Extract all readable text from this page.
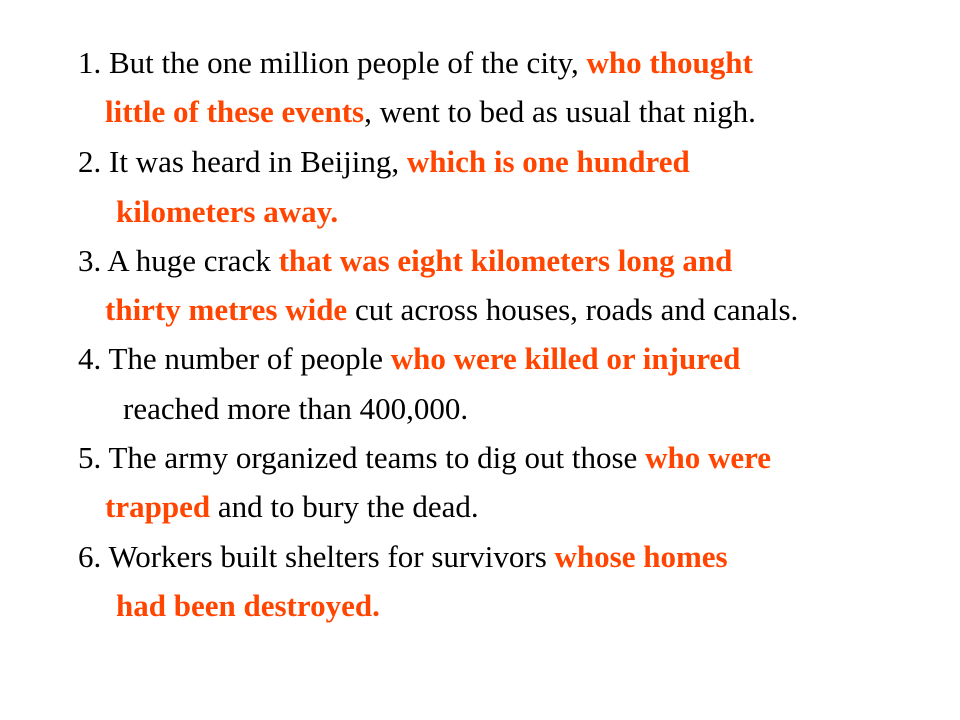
1. But the one million people of the city, who thought
little of these events, went to bed as usual that nigh.
2. It was heard in Beijing, which is one hundred
kilometers away.
3. A huge crack that was eight kilometers long and
thirty metres wide cut across houses, roads and canals.
4. The number of people who were killed or injured
reached more than 400,000.
5. The army organized teams to dig out those who were
trapped and to bury the dead.
6. Workers built shelters for survivors whose homes
had been destroyed.
